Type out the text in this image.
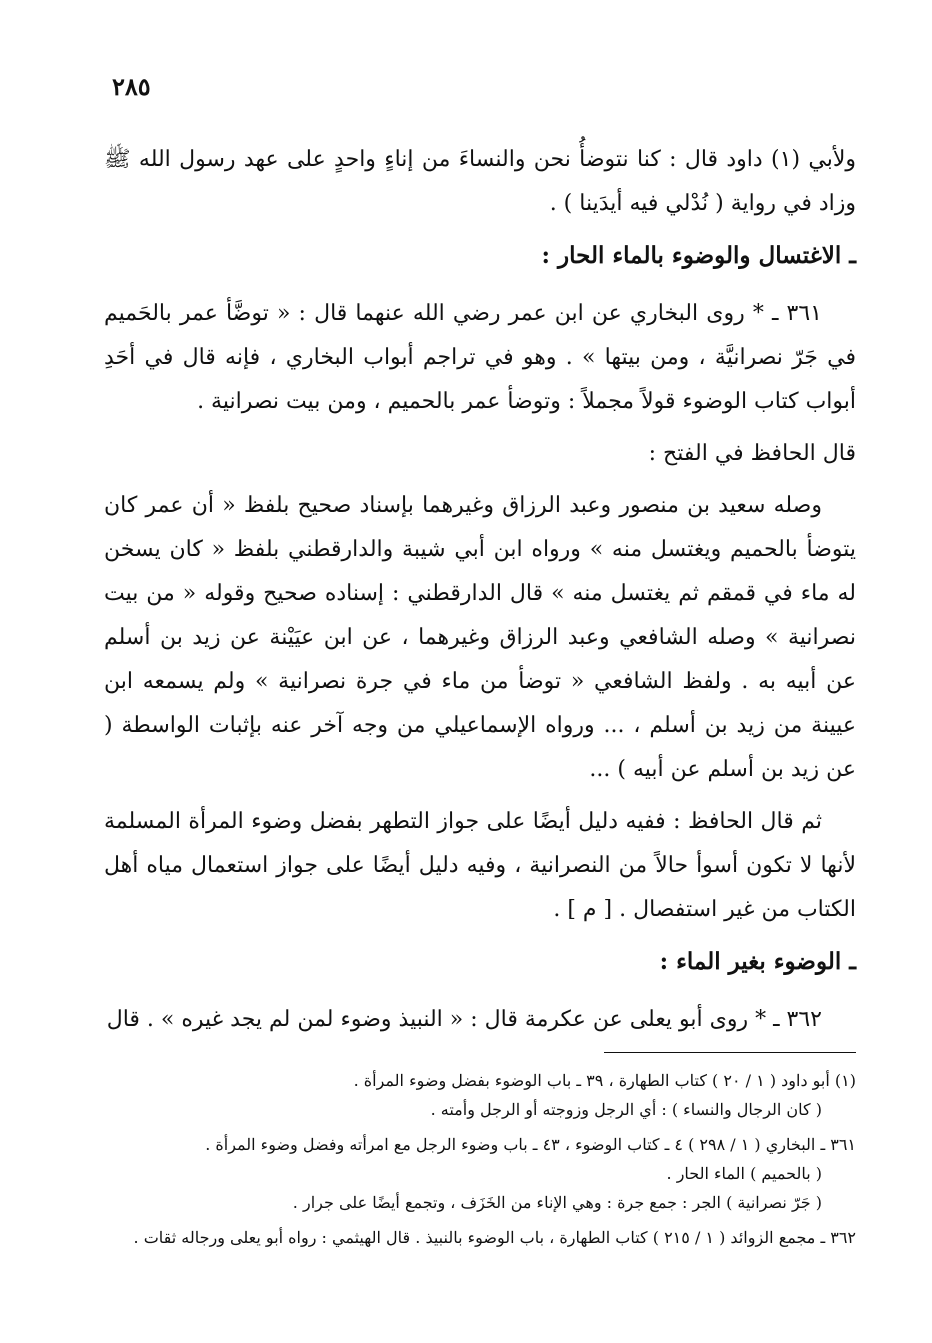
٢٨٥

ولأبي (١) داود قال : كنا نتوضأُ نحن والنساءَ من إناءٍ واحدٍ على عهد رسول الله ﷺ وزاد في رواية ( نُدْلي فيه أيدَينا ) .

ـ الاغتسال والوضوء بالماء الحار :

٣٦١ ـ * روى البخاري عن ابن عمر رضي الله عنهما قال : « توضَّأ عمر بالحَميم في جَرّ نصرانيَّة ، ومن بيتها » . وهو في تراجم أبواب البخاري ، فإنه قال في أحَدِ أبواب كتاب الوضوء قولاً مجملاً : وتوضأ عمر بالحميم ، ومن بيت نصرانية .

قال الحافظ في الفتح :

وصله سعيد بن منصور وعبد الرزاق وغيرهما بإسناد صحيح بلفظ « أن عمر كان يتوضأ بالحميم ويغتسل منه » ورواه ابن أبي شيبة والدارقطني بلفظ « كان يسخن له ماء في قمقم ثم يغتسل منه » قال الدارقطني : إسناده صحيح وقوله « من بيت نصرانية » وصله الشافعي وعبد الرزاق وغيرهما ، عن ابن عيَيْنة عن زيد بن أسلم عن أبيه به . ولفظ الشافعي « توضأ من ماء في جرة نصرانية » ولم يسمعه ابن عيينة من زيد بن أسلم ، ... ورواه الإسماعيلي من وجه آخر عنه بإثبات الواسطة ( عن زيد بن أسلم عن أبيه ) ...

ثم قال الحافظ : ففيه دليل أيضًا على جواز التطهر بفضل وضوء المرأة المسلمة لأنها لا تكون أسوأ حالاً من النصرانية ، وفيه دليل أيضًا على جواز استعمال مياه أهل الكتاب من غير استفصال . [ م ] .

ـ الوضوء بغير الماء :

٣٦٢ ـ * روى أبو يعلى عن عكرمة قال : « النبيذ وضوء لمن لم يجد غيره » . قال

(١) أبو داود ( ١ / ٢٠ ) كتاب الطهارة ، ٣٩ ـ باب الوضوء بفضل وضوء المرأة .

( كان الرجال والنساء ) : أي الرجل وزوجته أو الرجل وأمته .

٣٦١ ـ البخاري ( ١ / ٢٩٨ ) ٤ ـ كتاب الوضوء ، ٤٣ ـ باب وضوء الرجل مع امرأته وفضل وضوء المرأة .

( بالحميم ) الماء الحار .

( جَرّ نصرانية ) الجر : جمع جرة : وهي الإناء من الخَزَف ، وتجمع أيضًا على جرار .

٣٦٢ ـ مجمع الزوائد ( ١ / ٢١٥ ) كتاب الطهارة ، باب الوضوء بالنبيذ . قال الهيثمي : رواه أبو يعلى ورجاله ثقات .
